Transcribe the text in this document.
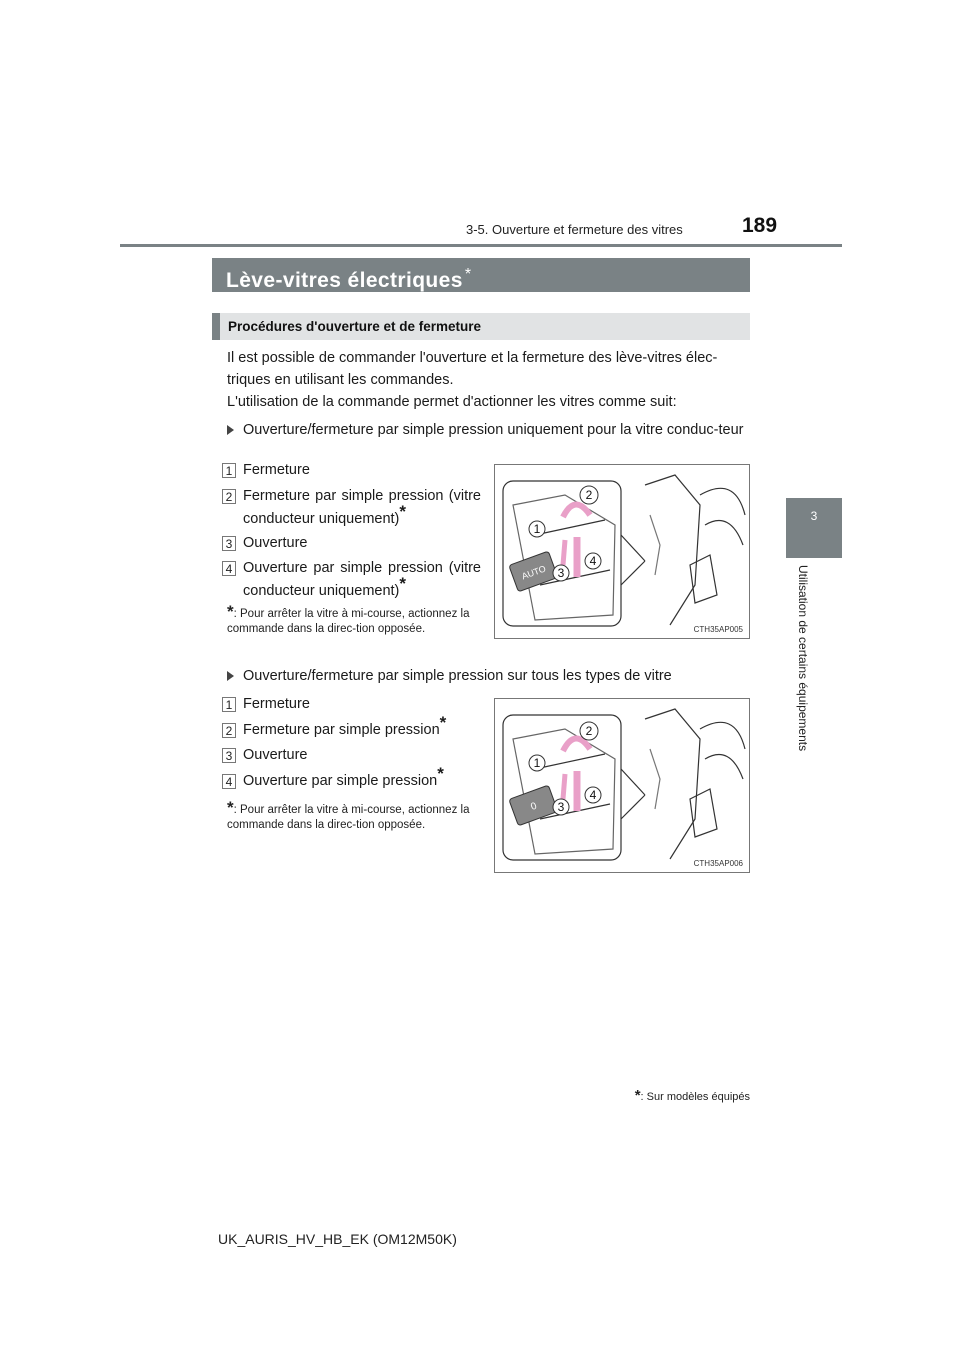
3-5. Ouverture et fermeture des vitres	189
3
Utilisation de certains équipements
Lève-vitres électriques *
Procédures d'ouverture et de fermeture
Il est possible de commander l'ouverture et la fermeture des lève-vitres élec-triques en utilisant les commandes.
L'utilisation de la commande permet d'actionner les vitres comme suit:
Ouverture/fermeture par simple pression uniquement pour la vitre conduc-teur
1 Fermeture
2 Fermeture par simple pression (vitre conducteur uniquement)*
3 Ouverture
4 Ouverture par simple pression (vitre conducteur uniquement)*
*: Pour arrêter la vitre à mi-course, actionnez la commande dans la direc-tion opposée.
AUTO
1
2
3
4
CTH35AP005
Ouverture/fermeture par simple pression sur tous les types de vitre
1 Fermeture
2 Fermeture par simple pression*
3 Ouverture
4 Ouverture par simple pression*
*: Pour arrêter la vitre à mi-course, actionnez la commande dans la direc-tion opposée.
0
1
2
3
4
CTH35AP006
*: Sur modèles équipés
UK_AURIS_HV_HB_EK (OM12M50K)
